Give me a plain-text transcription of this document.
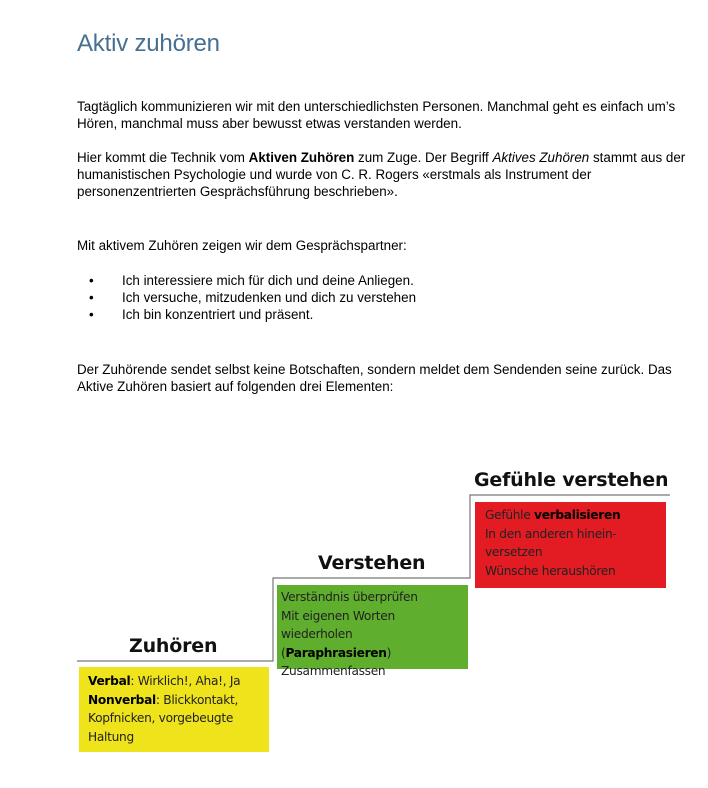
Aktiv zuhören

Tagtäglich kommunizieren wir mit den unterschiedlichsten Personen. Manchmal geht es einfach um’s Hören, manchmal muss aber bewusst etwas verstanden werden.

Hier kommt die Technik vom Aktiven Zuhören zum Zuge. Der Begriff Aktives Zuhören stammt aus der humanistischen Psychologie und wurde von C. R. Rogers «erstmals als Instrument der personenzentrierten Gesprächsführung beschrieben».

Mit aktivem Zuhören zeigen wir dem Gesprächspartner:

• Ich interessiere mich für dich und deine Anliegen.
• Ich versuche, mitzudenken und dich zu verstehen
• Ich bin konzentriert und präsent.

Der Zuhörende sendet selbst keine Botschaften, sondern meldet dem Sendenden seine zurück. Das Aktive Zuhören basiert auf folgenden drei Elementen:

Zuhören
Verstehen
Gefühle verstehen
Verbal: Wirklich!, Aha!, Ja
Nonverbal: Blickkontakt,
Kopfnicken, vorgebeugte
Haltung
Verständnis überprüfen
Mit eigenen Worten
wiederholen (Paraphrasieren)
Zusammenfassen
Gefühle verbalisieren
In den anderen hinein-
versetzen
Wünsche heraushören
